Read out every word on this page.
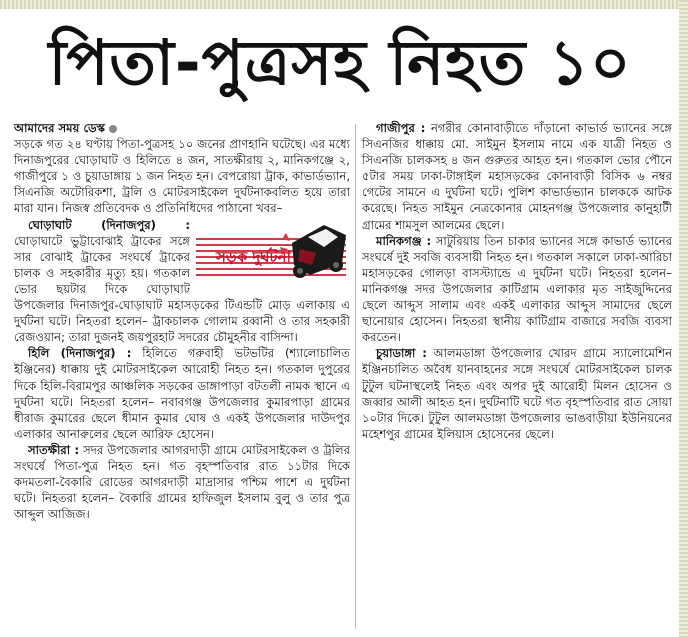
পিতা-পুত্রসহ নিহত ১০

আমাদের সময় ডেস্ক
সড়কে গত ২৪ ঘণ্টায় পিতা-পুত্রসহ ১০ জনের প্রাণহানি ঘটেছে। এর মধ্যে দিনাজপুরের ঘোড়াঘাট ও হিলিতে ৪ জন, সাতক্ষীরায় ২, মানিকগঞ্জে ২, গাজীপুরে ১ ও চুয়াডাঙ্গায় ১ জন নিহত হন। বেপরোয়া ট্রাক, কাভার্ডভ্যান, সিএনজি অটোরিকশা, ট্রলি ও মোটরসাইকেল দুর্ঘটনাকবলিত হয়ে তারা মারা যান। নিজস্ব প্রতিবেদক ও প্রতিনিধিদের পাঠানো খবর–

সড়ক দুর্ঘটনা
ঘোড়াঘাট (দিনাজপুর) : ঘোড়াঘাটে ভুট্টাবোঝাই ট্রাকের সঙ্গে সার বোঝাই ট্রাকের সংঘর্ষে ট্রাকের চালক ও সহকারীর মৃত্যু হয়। গতকাল ভোর ছয়টার দিকে ঘোড়াঘাট উপজেলার দিনাজপুর-ঘোড়াঘাট মহাসড়কের টিএন্ডটি মোড় এলাকায় এ দুর্ঘটনা ঘটে। নিহতরা হলেন– ট্রাকচালক গোলাম রব্বানী ও তার সহকারী রেজওয়ান; তারা দুজনই জয়পুরহাট সদরের চৌমুহনীর বাসিন্দা।

হিলি (দিনাজপুর) : হিলিতে গরুবাহী ভটভটির (শ্যালোচালিত ইঞ্জিনের) ধাক্কায় দুই মোটরসাইকেল আরোহী নিহত হন। গতকাল দুপুরের দিকে হিলি-বিরামপুর আঞ্চলিক সড়কের ডাঙ্গাপাড়া বটতলী নামক স্থানে এ দুর্ঘটনা ঘটে। নিহতরা হলেন– নবাবগঞ্জ উপজেলার কুমারপাড়া গ্রামের ধীরাজ কুমারের ছেলে ধীমান কুমার ঘোষ ও একই উপজেলার দাউদপুর এলাকার আনারুলের ছেলে আরিফ হোসেন।

সাতক্ষীরা : সদর উপজেলার আগরদাড়ী গ্রামে মোটরসাইকেল ও ট্রলির সংঘর্ষে পিতা-পুত্র নিহত হন। গত বৃহস্পতিবার রাত ১১টার দিকে কদমতলা-বৈকারি রোডের আগরদাড়ী মাদ্রাসার পশ্চিম পাশে এ দুর্ঘটনা ঘটে। নিহতরা হলেন– বৈকারি গ্রামের হাফিজুল ইসলাম বুলু ও তার পুত্র আব্দুল আজিজ।

গাজীপুর : নগরীর কোনাবাড়ীতে দাঁড়ানো কাভার্ড ভ্যানের সঙ্গে সিএনজির ধাক্কায় মো. সাইমুন ইসলাম নামে এক যাত্রী নিহত ও সিএনজি চালকসহ ৪ জন গুরুতর আহত হন। গতকাল ভোর পৌনে ৫টার সময় ঢাকা-টাঙ্গাইল মহাসড়কের কোনাবাড়ী বিসিক ৬ নম্বর গেটের সামনে এ দুর্ঘটনা ঘটে। পুলিশ কাভার্ডভ্যান চালককে আটক করেছে। নিহত সাইমুন নেত্রকোনার মোহনগঞ্জ উপজেলার কানুহাটী গ্রামের শামসুল আলমের ছেলে।

মানিকগঞ্জ : সাটুরিয়ায় তিন চাকার ভ্যানের সঙ্গে কাভার্ড ভ্যানের সংঘর্ষে দুই সবজি ব্যবসায়ী নিহত হন। গতকাল সকালে ঢাকা-আরিচা মহাসড়কের গোলড়া বাসস্ট্যান্ডে এ দুর্ঘটনা ঘটে। নিহতরা হলেন– মানিকগঞ্জ সদর উপজেলার কাটিগ্রাম এলাকার মৃত সাইজুদ্দিনের ছেলে আব্দুস সালাম এবং একই এলাকার আব্দুস সামাদের ছেলে ছানোয়ার হোসেন। নিহতরা স্থানীয় কাটিগ্রাম বাজারে সবজি ব্যবসা করতেন।

চুয়াডাঙ্গা : আলমডাঙ্গা উপজেলার খোরদ গ্রামে স্যালোমেশিন ইঞ্জিনচালিত অবৈধ যানবাহনের সঙ্গে সংঘর্ষে মোটরসাইকেল চালক টুটুল ঘটনাস্থলেই নিহত এবং অপর দুই আরোহী মিলন হোসেন ও জব্বার আলী আহত হন। দুর্ঘটনাটি ঘটে গত বৃহস্পতিবার রাত সোয়া ১০টার দিকে। টুটুল আলমডাঙ্গা উপজেলার ভাঙবাড়ীয়া ইউনিয়নের মহেশপুর গ্রামের ইলিয়াস হোসেনের ছেলে।
